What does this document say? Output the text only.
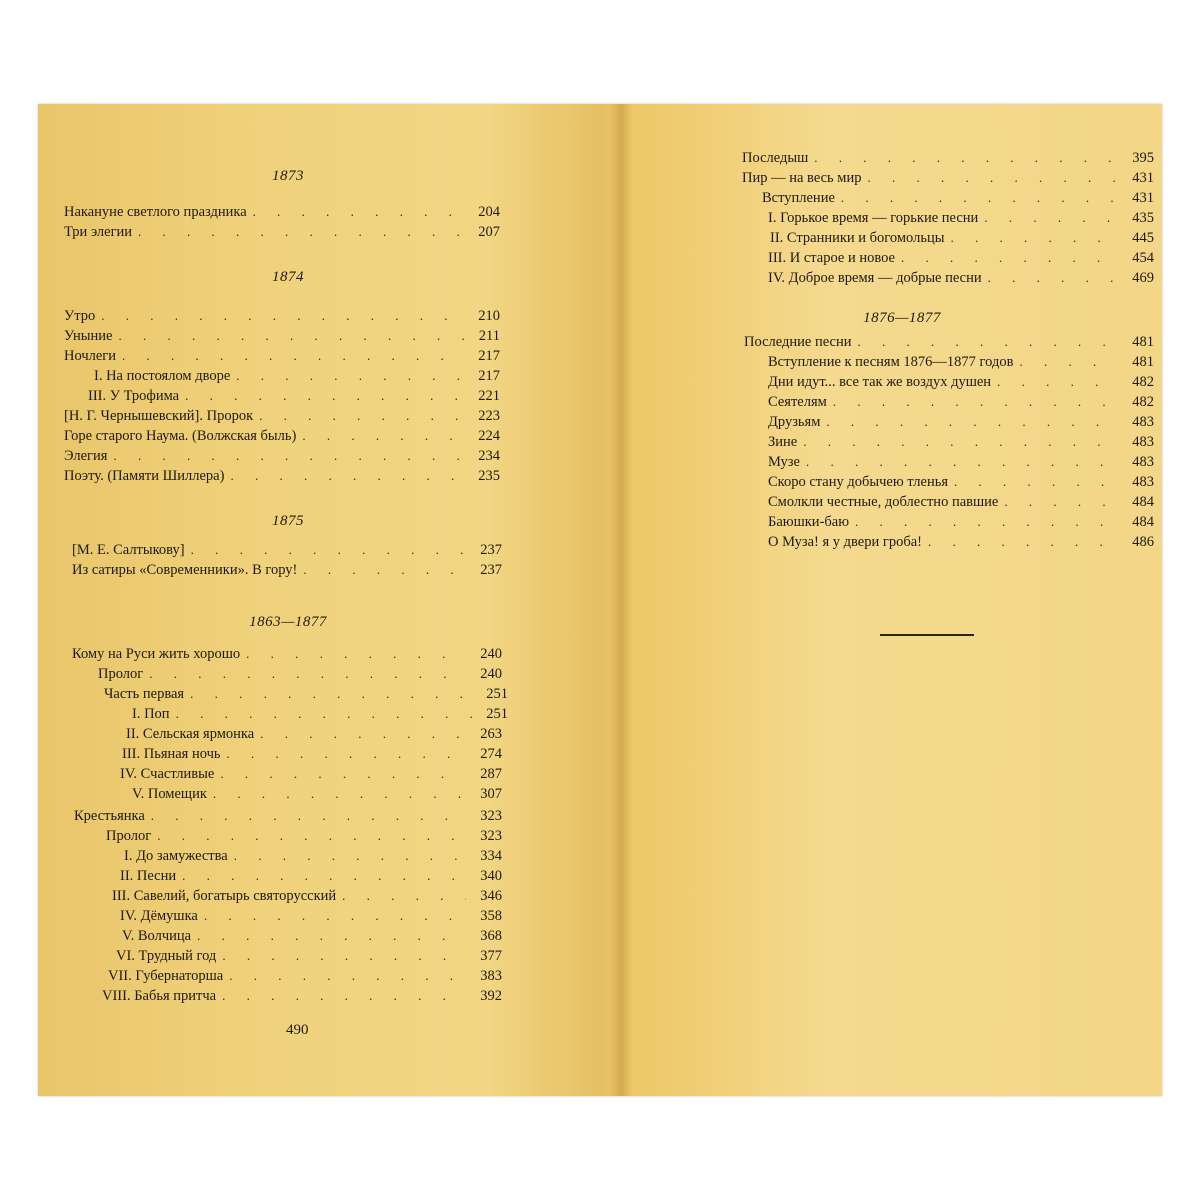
1873
1874
1875
1863—1877
Накануне светлого праздника . . .	204
Три элегии . . .	207
Утро . . .	210
Уныние . . .	211
Ночлеги . . .	217
I. На постоялом дворе . . .	217
III. У Трофима . . .	221
[Н. Г. Чернышевский]. Пророк . . .	223
Горе старого Наума. (Волжская быль) . . .	224
Элегия . . .	234
Поэту. (Памяти Шиллера) . . .	235
[М. Е. Салтыкову] . . .	237
Из сатиры «Современники». В гору! . . .	237
Кому на Руси жить хорошо . . .	240
Пролог . . .	240
Часть первая . . .	251
I. Поп . . .	251
II. Сельская ярмонка . . .	263
III. Пьяная ночь . . .	274
IV. Счастливые . . .	287
V. Помещик . . .	307
Крестьянка . . .	323
Пролог . . .	323
I. До замужества . . .	334
II. Песни . . .	340
III. Савелий, богатырь святорусский . . .	346
IV. Дёмушка . . .	358
V. Волчица . . .	368
VI. Трудный год . . .	377
VII. Губернаторша . . .	383
VIII. Бабья притча . . .	392
490
1876—1877
Последыш . . .	395
Пир — на весь мир . . .	431
Вступление . . .	431
I. Горькое время — горькие песни . . .	435
II. Странники и богомольцы . . .	445
III. И старое и новое . . .	454
IV. Доброе время — добрые песни . . .	469
Последние песни . . .	481
Вступление к песням 1876—1877 годов . . .	481
Дни идут... все так же воздух душен . . .	482
Сеятелям . . .	482
Друзьям . . .	483
Зине . . .	483
Музе . . .	483
Скоро стану добычею тленья . . .	483
Смолкли честные, доблестно павшие . . .	484
Баюшки-баю . . .	484
О Муза! я у двери гроба! . . .	486
